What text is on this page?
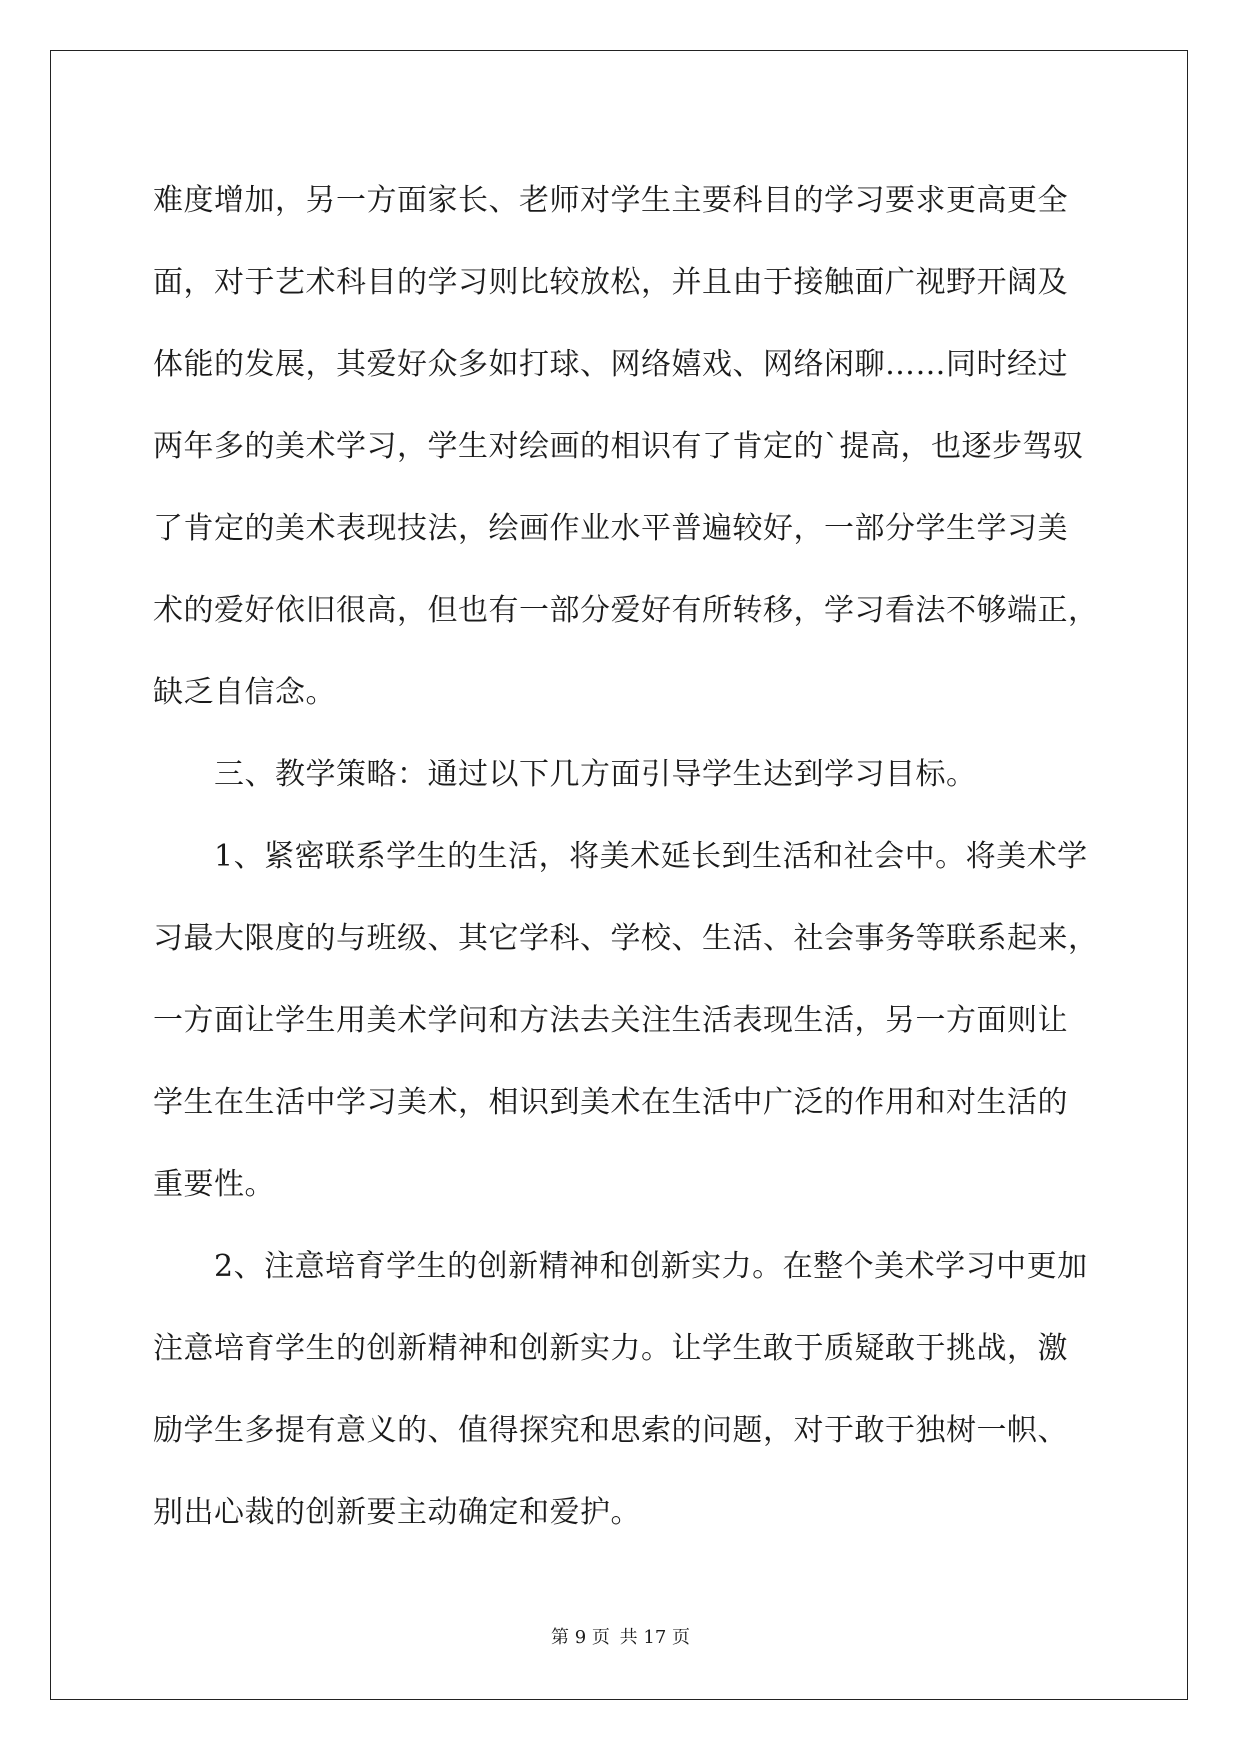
难度增加，另一方面家长、老师对学生主要科目的学习要求更高更全
面，对于艺术科目的学习则比较放松，并且由于接触面广视野开阔及
体能的发展，其爱好众多如打球、网络嬉戏、网络闲聊……同时经过
两年多的美术学习，学生对绘画的相识有了肯定的`提高，也逐步驾驭
了肯定的美术表现技法，绘画作业水平普遍较好，一部分学生学习美
术的爱好依旧很高，但也有一部分爱好有所转移，学习看法不够端正，
缺乏自信念。
三、教学策略：通过以下几方面引导学生达到学习目标。
1、紧密联系学生的生活，将美术延长到生活和社会中。将美术学
习最大限度的与班级、其它学科、学校、生活、社会事务等联系起来，
一方面让学生用美术学问和方法去关注生活表现生活，另一方面则让
学生在生活中学习美术，相识到美术在生活中广泛的作用和对生活的
重要性。
2、注意培育学生的创新精神和创新实力。在整个美术学习中更加
注意培育学生的创新精神和创新实力。让学生敢于质疑敢于挑战，激
励学生多提有意义的、值得探究和思索的问题，对于敢于独树一帜、
别出心裁的创新要主动确定和爱护。
第 9 页 共 17 页
